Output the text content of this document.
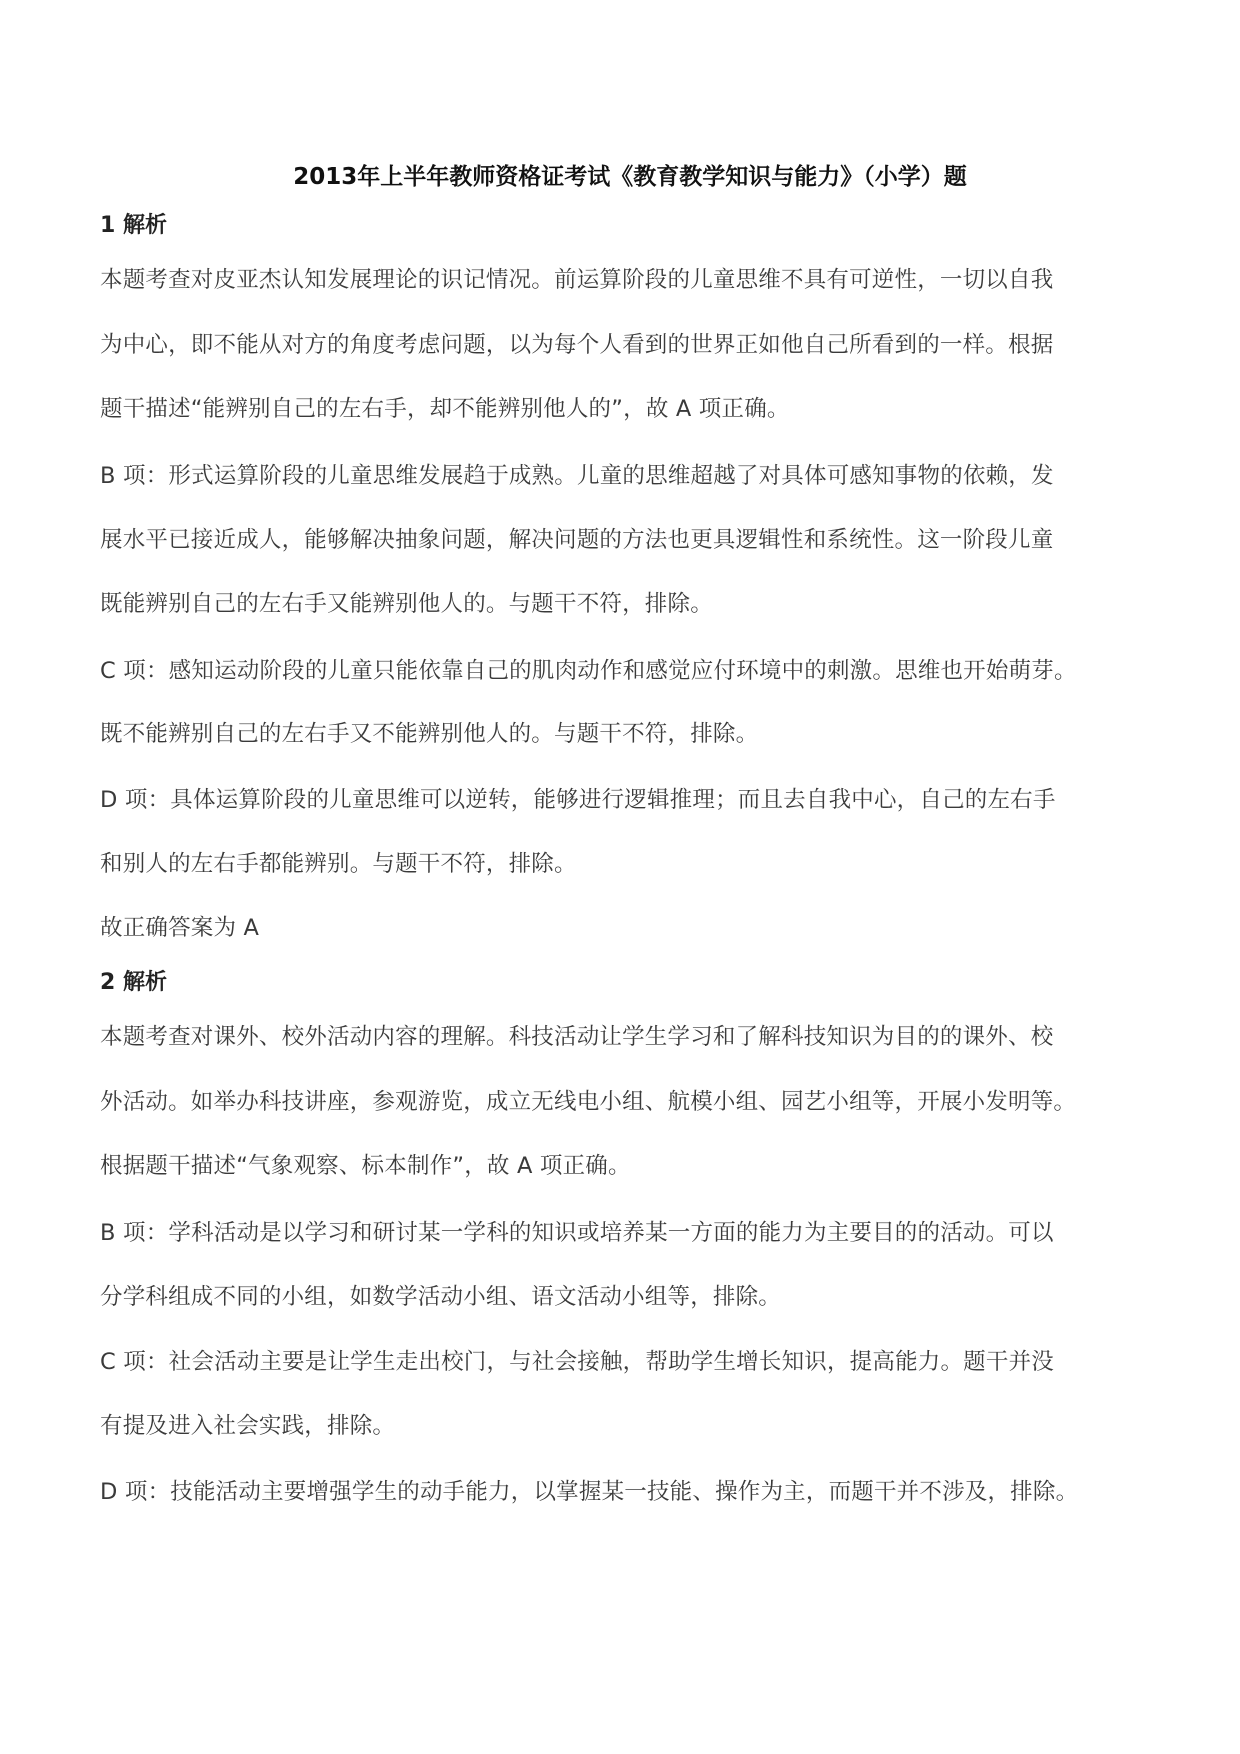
2013年上半年教师资格证考试《教育教学知识与能力》（小学）题
1 解析
本题考查对皮亚杰认知发展理论的识记情况。前运算阶段的儿童思维不具有可逆性，一切以自我
为中心，即不能从对方的角度考虑问题，以为每个人看到的世界正如他自己所看到的一样。根据
题干描述“能辨别自己的左右手，却不能辨别他人的”，故 A 项正确。
B 项：形式运算阶段的儿童思维发展趋于成熟。儿童的思维超越了对具体可感知事物的依赖，发
展水平已接近成人，能够解决抽象问题，解决问题的方法也更具逻辑性和系统性。这一阶段儿童
既能辨别自己的左右手又能辨别他人的。与题干不符，排除。
C 项：感知运动阶段的儿童只能依靠自己的肌肉动作和感觉应付环境中的刺激。思维也开始萌芽。
既不能辨别自己的左右手又不能辨别他人的。与题干不符，排除。
D 项：具体运算阶段的儿童思维可以逆转，能够进行逻辑推理；而且去自我中心，自己的左右手
和别人的左右手都能辨别。与题干不符，排除。
故正确答案为 A
2 解析
本题考查对课外、校外活动内容的理解。科技活动让学生学习和了解科技知识为目的的课外、校
外活动。如举办科技讲座，参观游览，成立无线电小组、航模小组、园艺小组等，开展小发明等。
根据题干描述“气象观察、标本制作”，故 A 项正确。
B 项：学科活动是以学习和研讨某一学科的知识或培养某一方面的能力为主要目的的活动。可以
分学科组成不同的小组，如数学活动小组、语文活动小组等，排除。
C 项：社会活动主要是让学生走出校门，与社会接触，帮助学生增长知识，提高能力。题干并没
有提及进入社会实践，排除。
D 项：技能活动主要增强学生的动手能力，以掌握某一技能、操作为主，而题干并不涉及，排除。
